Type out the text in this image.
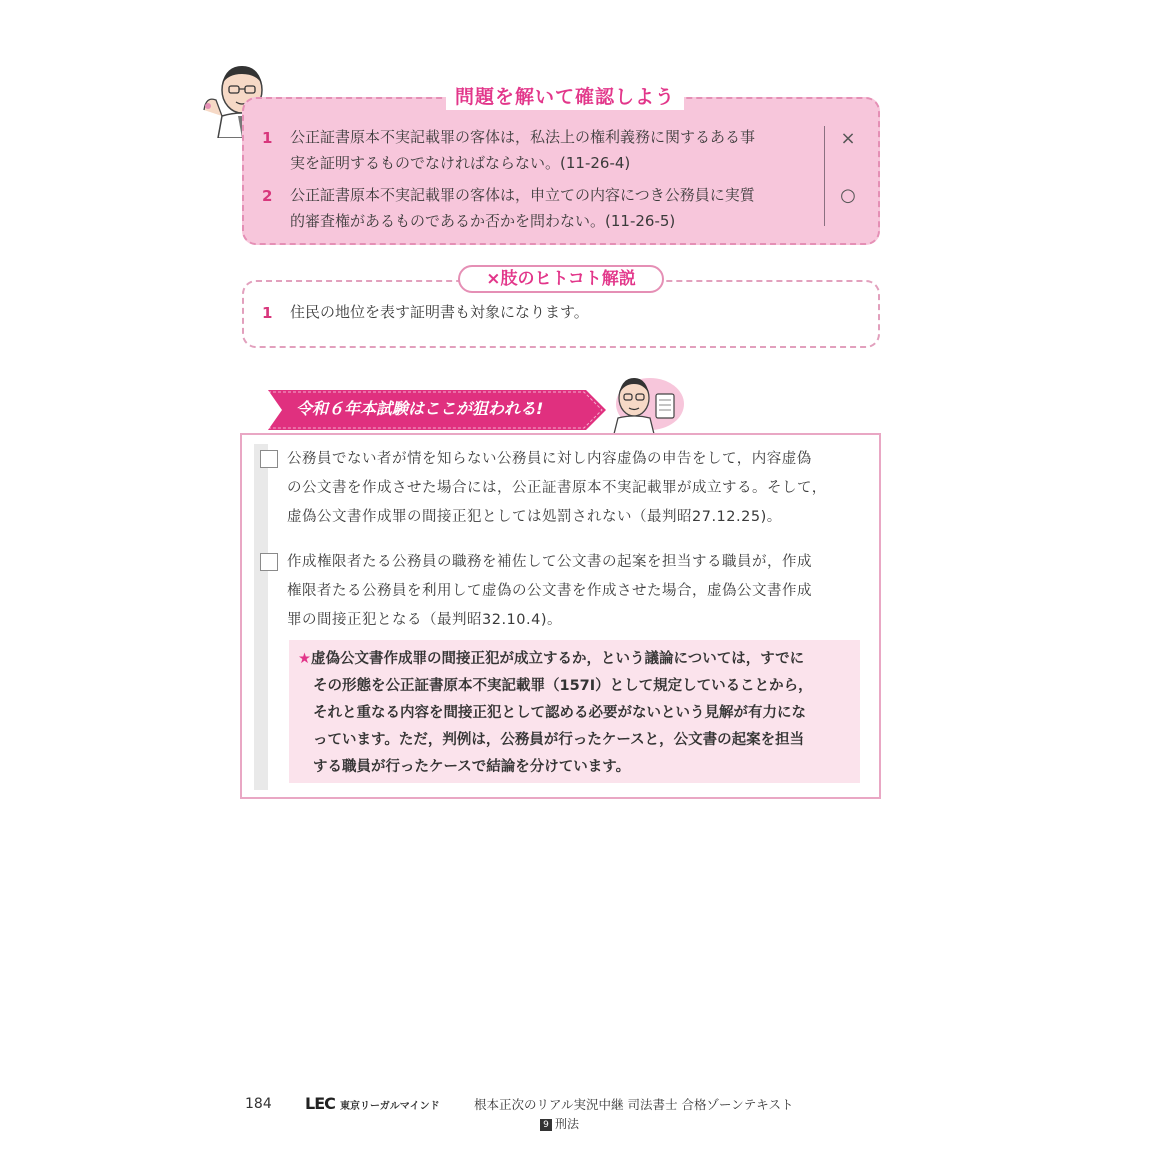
問題を解いて確認しよう
1 公正証書原本不実記載罪の客体は，私法上の権利義務に関するある事
実を証明するものでなければならない。(11-26-4)
×
2 公正証書原本不実記載罪の客体は，申立ての内容につき公務員に実質
的審査権があるものであるか否かを問わない。(11-26-5)
○
×肢のヒトコト解説
1 住民の地位を表す証明書も対象になります。
令和６年本試験はここが狙われる!
公務員でない者が情を知らない公務員に対し内容虚偽の申告をして，内容虚偽
の公文書を作成させた場合には，公正証書原本不実記載罪が成立する。そして，
虚偽公文書作成罪の間接正犯としては処罰されない（最判昭27.12.25)。
作成権限者たる公務員の職務を補佐して公文書の起案を担当する職員が，作成
権限者たる公務員を利用して虚偽の公文書を作成させた場合，虚偽公文書作成
罪の間接正犯となる（最判昭32.10.4)。
★虚偽公文書作成罪の間接正犯が成立するか，という議論については，すでに
その形態を公正証書原本不実記載罪（157Ⅰ）として規定していることから，
それと重なる内容を間接正犯として認める必要がないという見解が有力にな
っています。ただ，判例は，公務員が行ったケースと，公文書の起案を担当
する職員が行ったケースで結論を分けています。
184 LEC 東京リーガルマインド	根本正次のリアル実況中継 司法書士 合格ゾーンテキスト
9 刑法
